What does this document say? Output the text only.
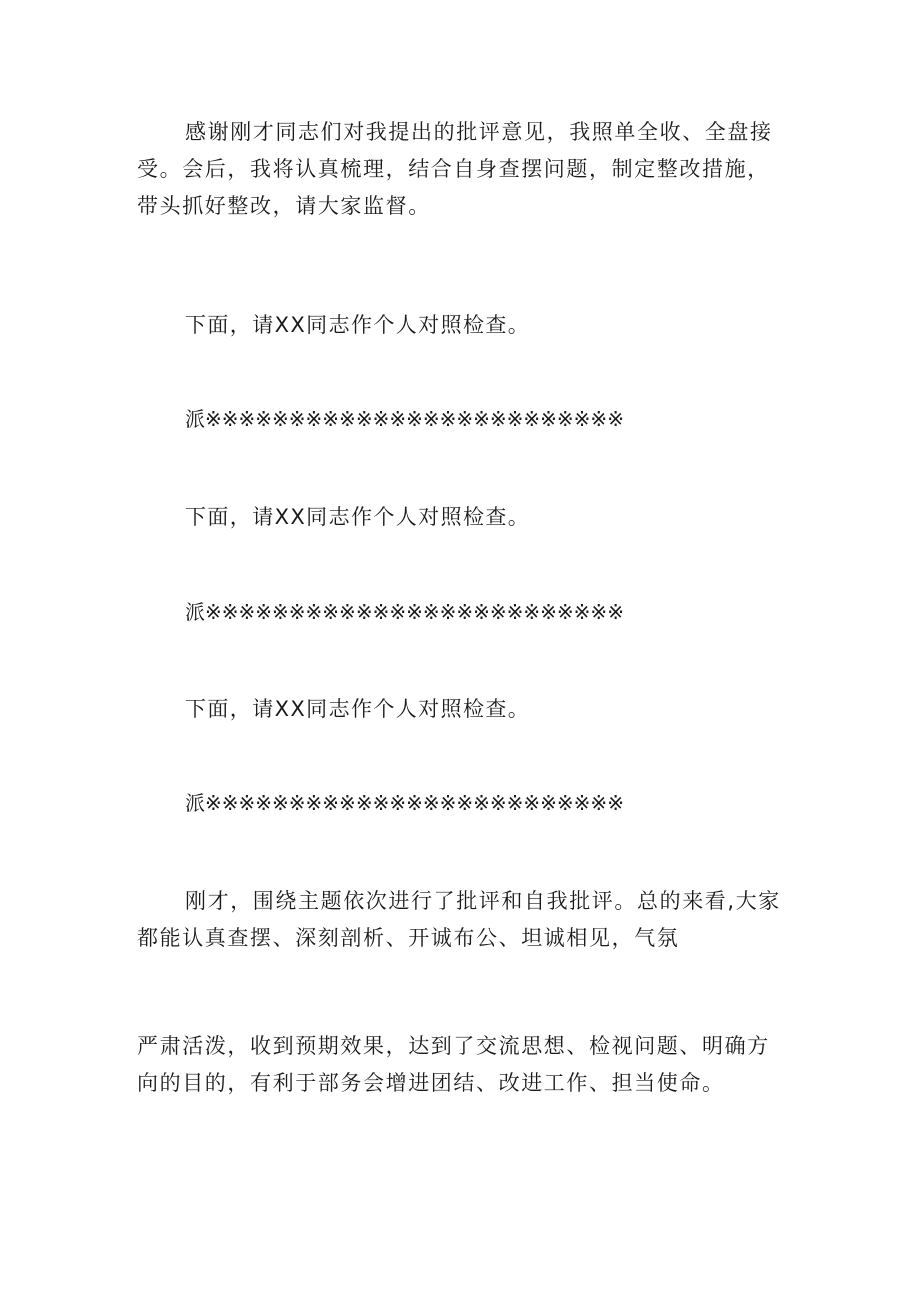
感谢刚才同志们对我提出的批评意见，我照单全收、全盘接受。会后，我将认真梳理，结合自身查摆问题，制定整改措施，带头抓好整改，请大家监督。

下面，请XX同志作个人对照检查。

派※※※※※※※※※※※※※※※※※※※※※※※※※

下面，请XX同志作个人对照检查。

派※※※※※※※※※※※※※※※※※※※※※※※※※

下面，请XX同志作个人对照检查。

派※※※※※※※※※※※※※※※※※※※※※※※※※

刚才，围绕主题依次进行了批评和自我批评。总的来看,大家都能认真查摆、深刻剖析、开诚布公、坦诚相见，气氛

严肃活泼，收到预期效果，达到了交流思想、检视问题、明确方向的目的，有利于部务会增进团结、改进工作、担当使命。
